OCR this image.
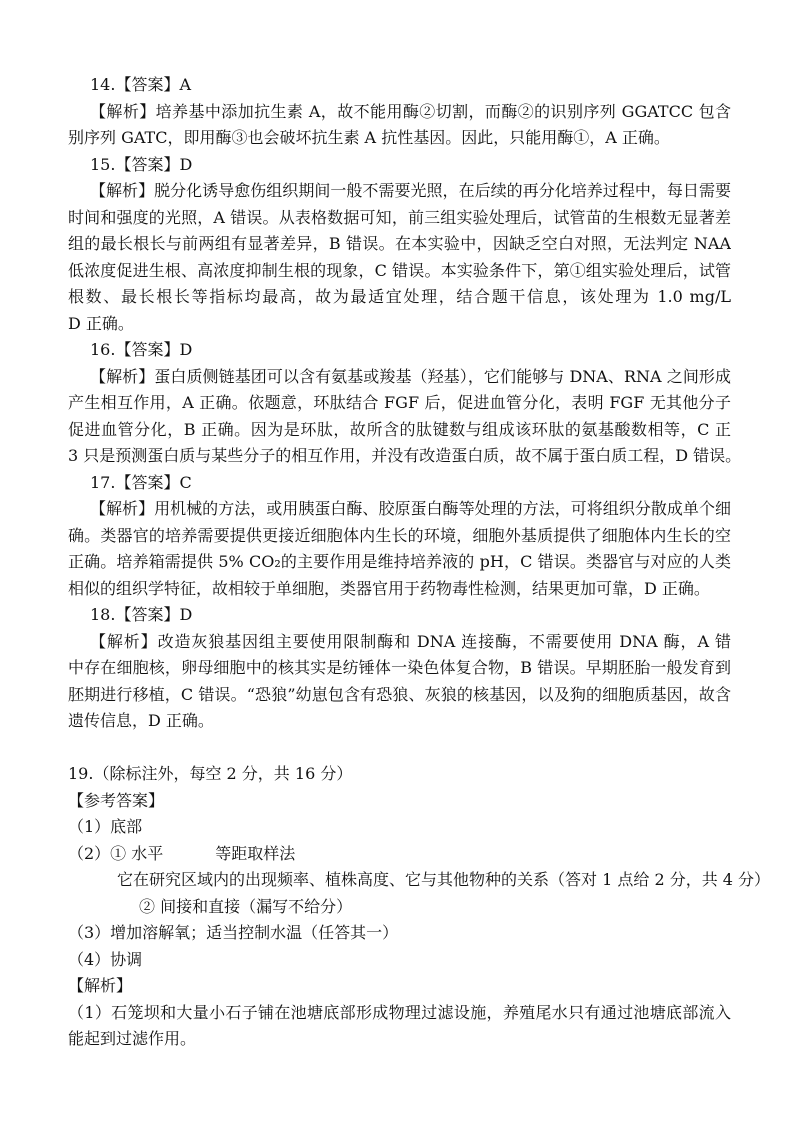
14.【答案】A
【解析】培养基中添加抗生素 A，故不能用酶②切割，而酶②的识别序列 GGATCC 包含
别序列 GATC，即用酶③也会破坏抗生素 A 抗性基因。因此，只能用酶①，A 正确。
15.【答案】D
【解析】脱分化诱导愈伤组织期间一般不需要光照，在后续的再分化培养过程中，每日需要
时间和强度的光照，A 错误。从表格数据可知，前三组实验处理后，试管苗的生根数无显著差
组的最长根长与前两组有显著差异，B 错误。在本实验中，因缺乏空白对照，无法判定 NAA
低浓度促进生根、高浓度抑制生根的现象，C 错误。本实验条件下，第①组实验处理后，试管
根数、最长根长等指标均最高，故为最适宜处理，结合题干信息，该处理为 1.0 mg/L
D 正确。
16.【答案】D
【解析】蛋白质侧链基团可以含有氨基或羧基（羟基），它们能够与 DNA、RNA 之间形成
产生相互作用，A 正确。依题意，环肽结合 FGF 后，促进血管分化，表明 FGF 无其他分子
促进血管分化，B 正确。因为是环肽，故所含的肽键数与组成该环肽的氨基酸数相等，C 正
3 只是预测蛋白质与某些分子的相互作用，并没有改造蛋白质，故不属于蛋白质工程，D 错误。
17.【答案】C
【解析】用机械的方法，或用胰蛋白酶、胶原蛋白酶等处理的方法，可将组织分散成单个细
确。类器官的培养需要提供更接近细胞体内生长的环境，细胞外基质提供了细胞体内生长的空
正确。培养箱需提供 5% CO₂的主要作用是维持培养液的 pH，C 错误。类器官与对应的人类
相似的组织学特征，故相较于单细胞，类器官用于药物毒性检测，结果更加可靠，D 正确。
18.【答案】D
【解析】改造灰狼基因组主要使用限制酶和 DNA 连接酶，不需要使用 DNA 酶，A 错
中存在细胞核，卵母细胞中的核其实是纺锤体一染色体复合物，B 错误。早期胚胎一般发育到
胚期进行移植，C 错误。“恐狼”幼崽包含有恐狼、灰狼的核基因，以及狗的细胞质基因，故含
遗传信息，D 正确。
19.（除标注外，每空 2 分，共 16 分）
【参考答案】
（1）底部
（2）① 水平	等距取样法
它在研究区域内的出现频率、植株高度、它与其他物种的关系（答对 1 点给 2 分，共 4 分）
② 间接和直接（漏写不给分）
（3）增加溶解氧；适当控制水温（任答其一）
（4）协调
【解析】
（1）石笼坝和大量小石子铺在池塘底部形成物理过滤设施，养殖尾水只有通过池塘底部流入
能起到过滤作用。
